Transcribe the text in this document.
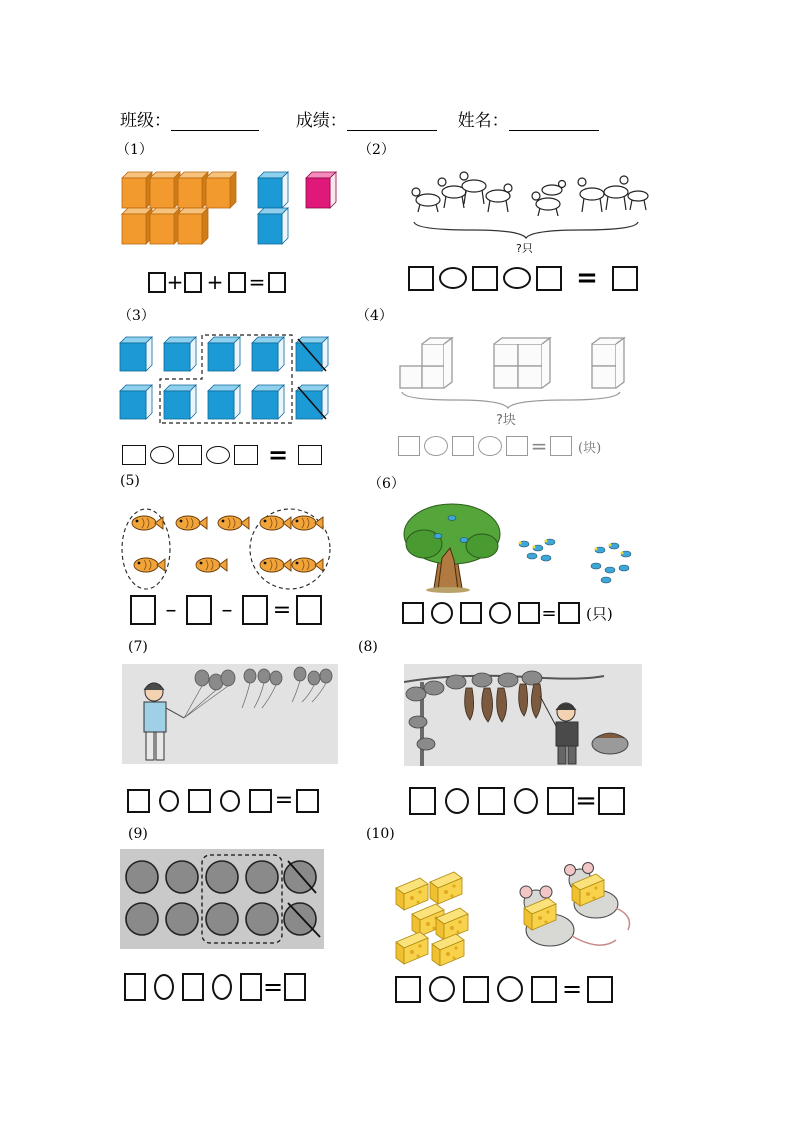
班级：	成绩：	姓名：
（1）	（2）
（3）	（4）
(5)	（6）
(7)	(8)
(9)	(10)
+ + =
?只
=
=
?块
= (块)
–	–	=	= (只)
=	=
=	=
